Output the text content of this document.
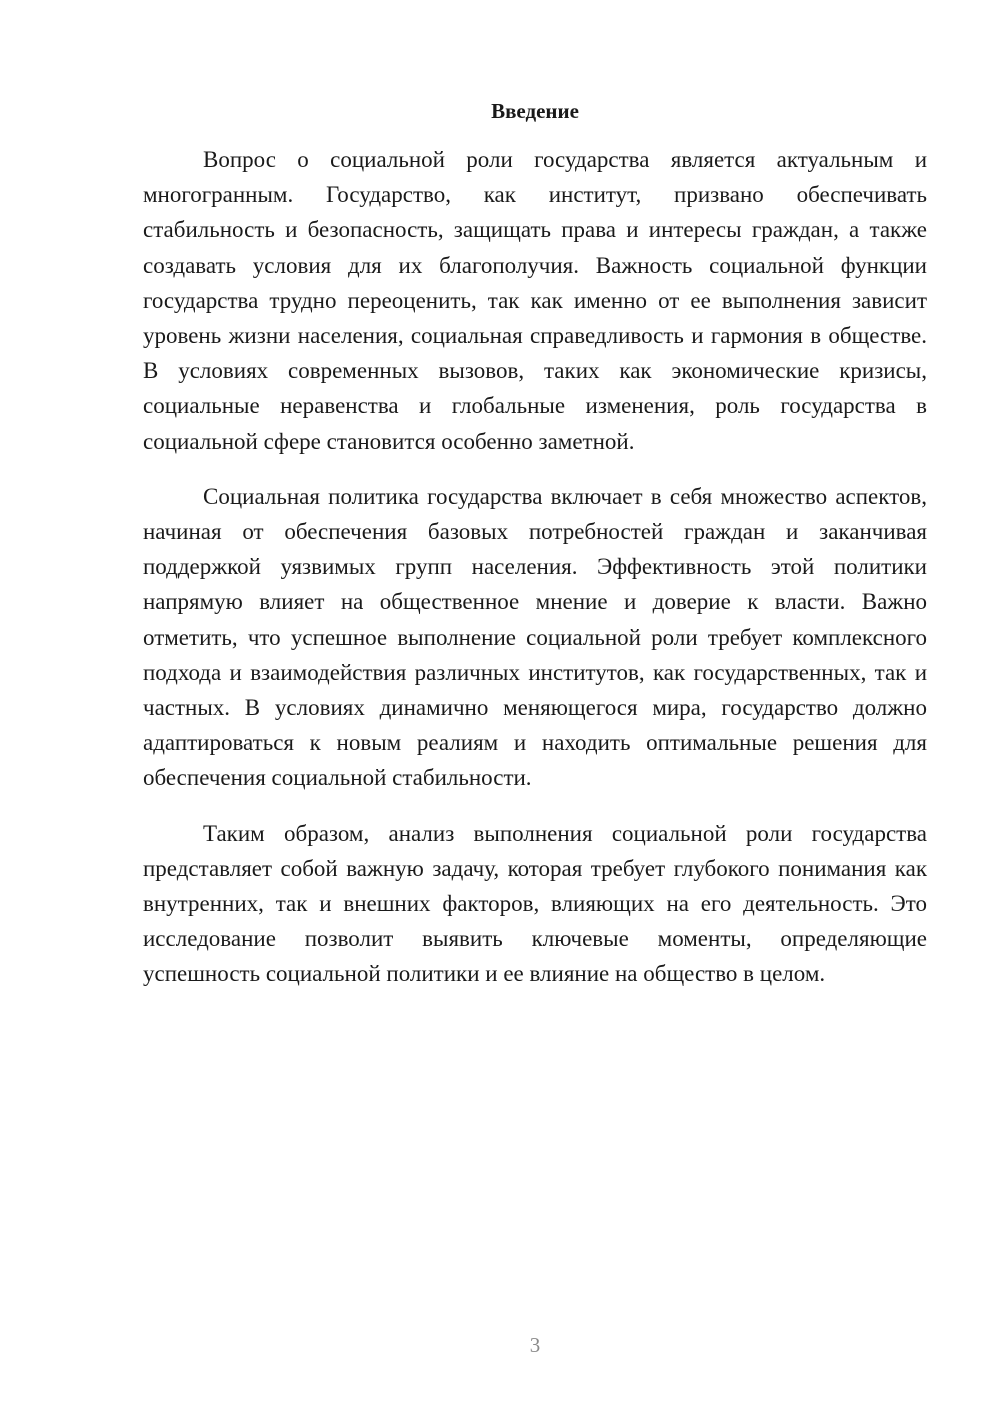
Введение

Вопрос о социальной роли государства является актуальным и многогранным. Государство, как институт, призвано обеспечивать стабильность и безопасность, защищать права и интересы граждан, а также создавать условия для их благополучия. Важность социальной функции государства трудно переоценить, так как именно от ее выполнения зависит уровень жизни населения, социальная справедливость и гармония в обществе. В условиях современных вызовов, таких как экономические кризисы, социальные неравенства и глобальные изменения, роль государства в социальной сфере становится особенно заметной.

Социальная политика государства включает в себя множество аспектов, начиная от обеспечения базовых потребностей граждан и заканчивая поддержкой уязвимых групп населения. Эффективность этой политики напрямую влияет на общественное мнение и доверие к власти. Важно отметить, что успешное выполнение социальной роли требует комплексного подхода и взаимодействия различных институтов, как государственных, так и частных. В условиях динамично меняющегося мира, государство должно адаптироваться к новым реалиям и находить оптимальные решения для обеспечения социальной стабильности.

Таким образом, анализ выполнения социальной роли государства представляет собой важную задачу, которая требует глубокого понимания как внутренних, так и внешних факторов, влияющих на его деятельность. Это исследование позволит выявить ключевые моменты, определяющие успешность социальной политики и ее влияние на общество в целом.

3
